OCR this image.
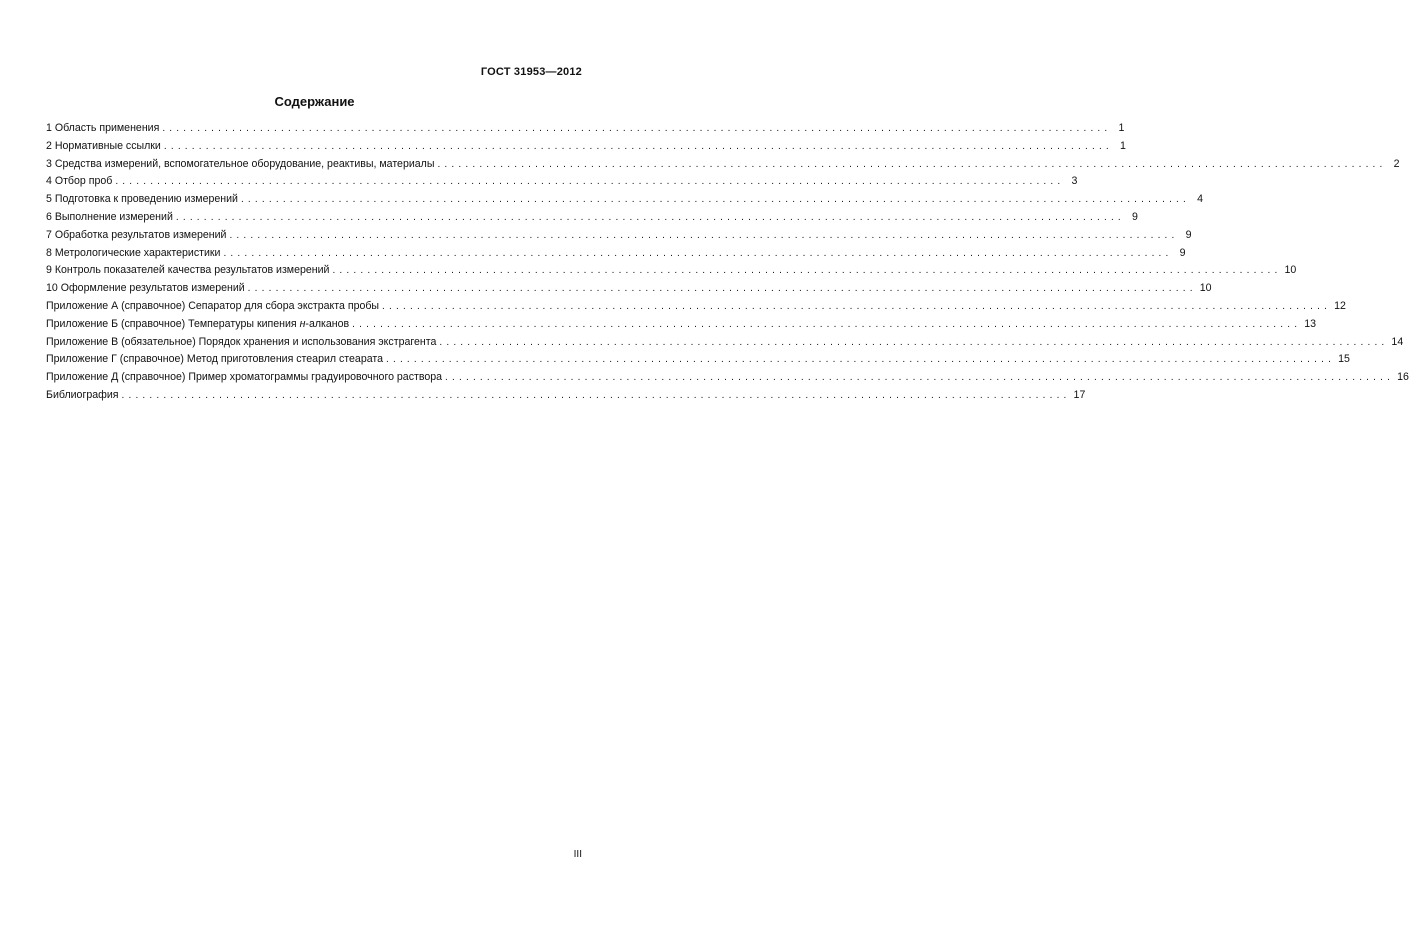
ГОСТ 31953—2012
Содержание
1 Область применения ........................................................................................................................................ 1
2 Нормативные ссылки ........................................................................................................................................ 1
3 Средства измерений, вспомогательное оборудование, реактивы, материалы ........................................................................................................................................ 2
4 Отбор проб ........................................................................................................................................ 3
5 Подготовка к проведению измерений ........................................................................................................................................ 4
6 Выполнение измерений ........................................................................................................................................ 9
7 Обработка результатов измерений ........................................................................................................................................ 9
8 Метрологические характеристики ........................................................................................................................................ 9
9 Контроль показателей качества результатов измерений ........................................................................................................................................ 10
10 Оформление результатов измерений ........................................................................................................................................ 10
Приложение А (справочное) Сепаратор для сбора экстракта пробы ........................................................................................................................................ 12
Приложение Б (справочное) Температуры кипения н-алканов ........................................................................................................................................ 13
Приложение В (обязательное) Порядок хранения и использования экстрагента ........................................................................................................................................ 14
Приложение Г (справочное) Метод приготовления стеарил стеарата ........................................................................................................................................ 15
Приложение Д (справочное) Пример хроматограммы градуировочного раствора ........................................................................................................................................ 16
Библиография ........................................................................................................................................ 17
III
